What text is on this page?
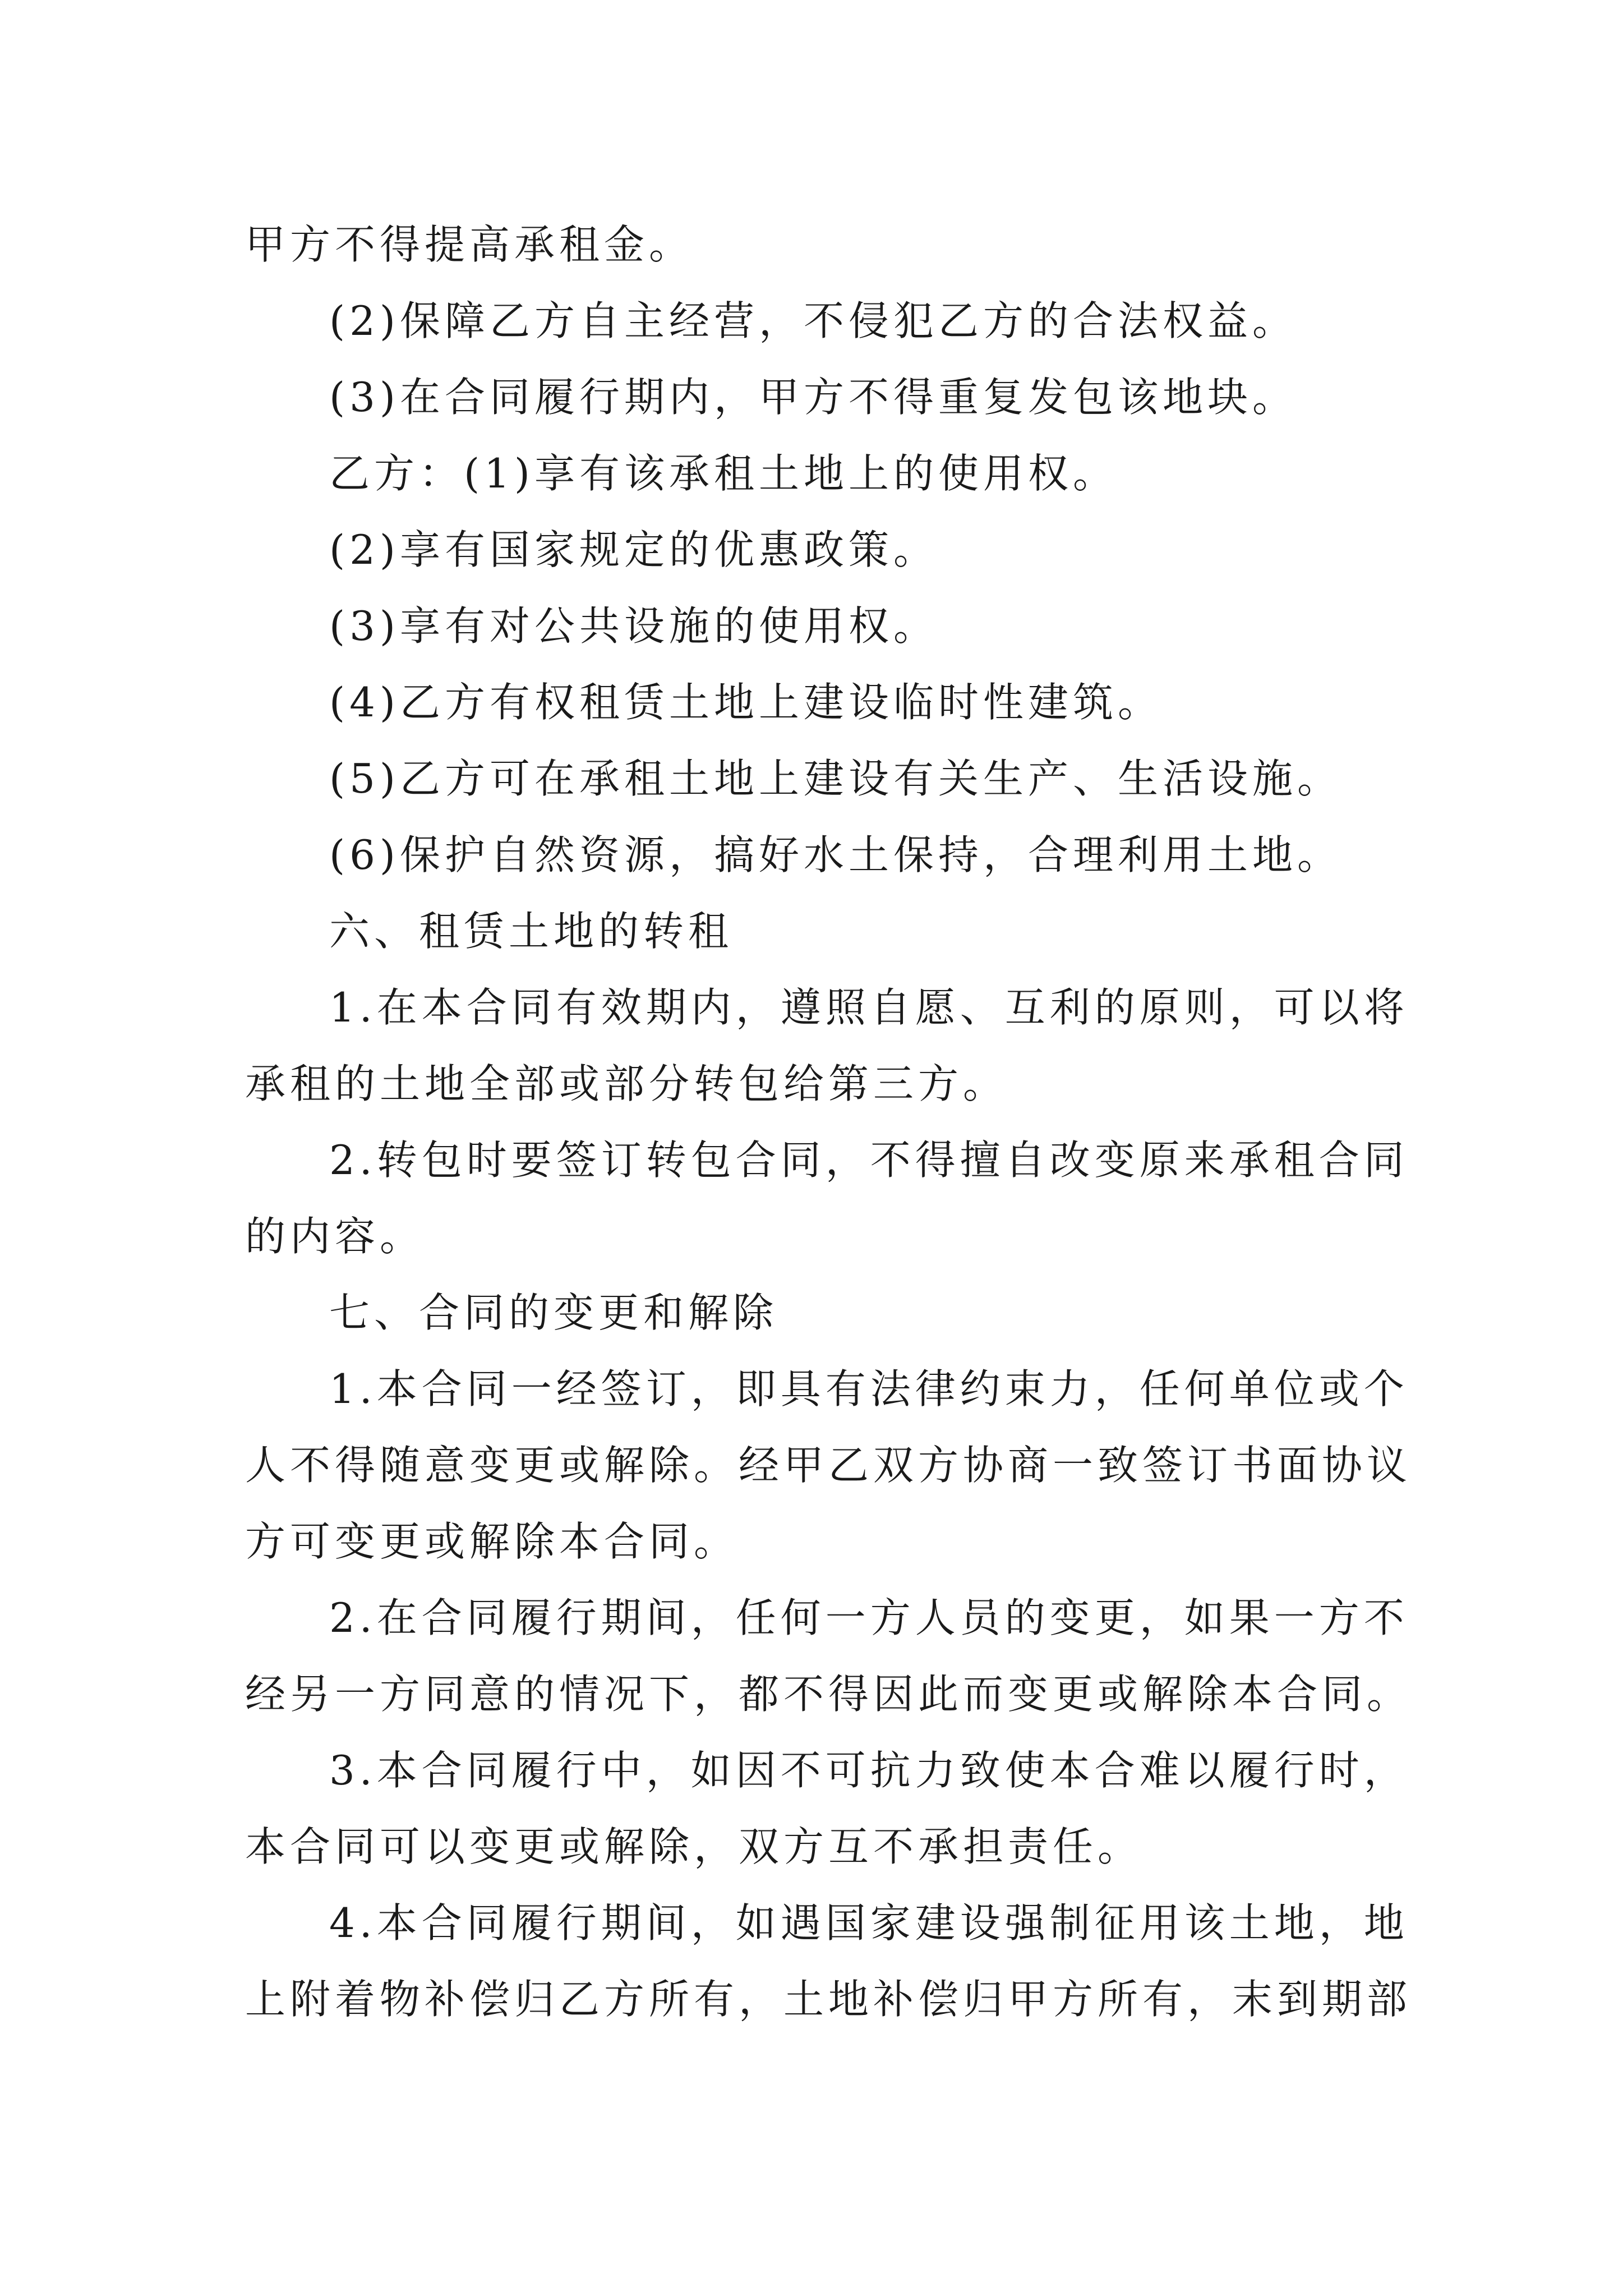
甲方不得提高承租金。

(2)保障乙方自主经营，不侵犯乙方的合法权益。

(3)在合同履行期内，甲方不得重复发包该地块。

乙方：(1)享有该承租土地上的使用权。

(2)享有国家规定的优惠政策。

(3)享有对公共设施的使用权。

(4)乙方有权租赁土地上建设临时性建筑。

(5)乙方可在承租土地上建设有关生产、生活设施。

(6)保护自然资源，搞好水土保持，合理利用土地。

六、租赁土地的转租

1.在本合同有效期内，遵照自愿、互利的原则，可以将

承租的土地全部或部分转包给第三方。

2.转包时要签订转包合同，不得擅自改变原来承租合同

的内容。

七、合同的变更和解除

1.本合同一经签订，即具有法律约束力，任何单位或个

人不得随意变更或解除。经甲乙双方协商一致签订书面协议

方可变更或解除本合同。

2.在合同履行期间，任何一方人员的变更，如果一方不

经另一方同意的情况下，都不得因此而变更或解除本合同。

3.本合同履行中，如因不可抗力致使本合难以履行时，

本合同可以变更或解除，双方互不承担责任。

4.本合同履行期间，如遇国家建设强制征用该土地，地

上附着物补偿归乙方所有，土地补偿归甲方所有，末到期部
